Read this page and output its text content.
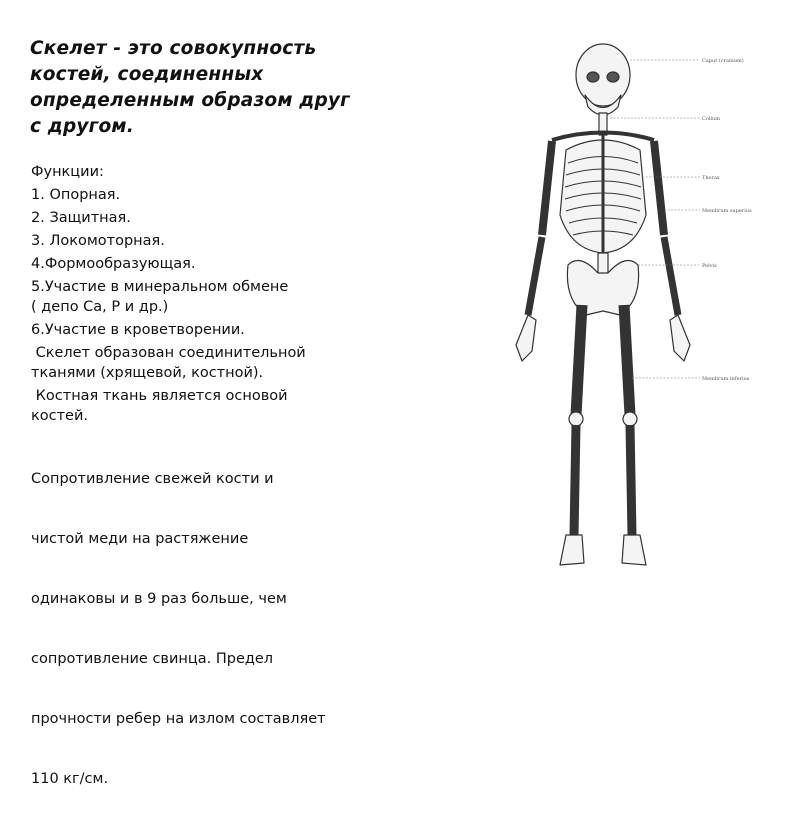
Скелет - это совокупность
костей, соединенных
определенным образом друг
с другом.
Функции:
1. Опорная.
2. Защитная.
3. Локомоторная.
4.Формообразующая.
5.Участие в минеральном обмене
( депо Ca, P и др.)
6.Участие в кроветворении.
Скелет образован соединительной
тканями (хрящевой, костной).
Костная ткань является основой
костей.

Сопротивление свежей кости и

чистой меди на растяжение

одинаковы и в 9 раз больше, чем

сопротивление свинца. Предел

прочности ребер на излом составляет

110 кг/см.

Caput (cranium)
Collum
Thorax
Membrum superius
Pelvis
Membrum inferius
